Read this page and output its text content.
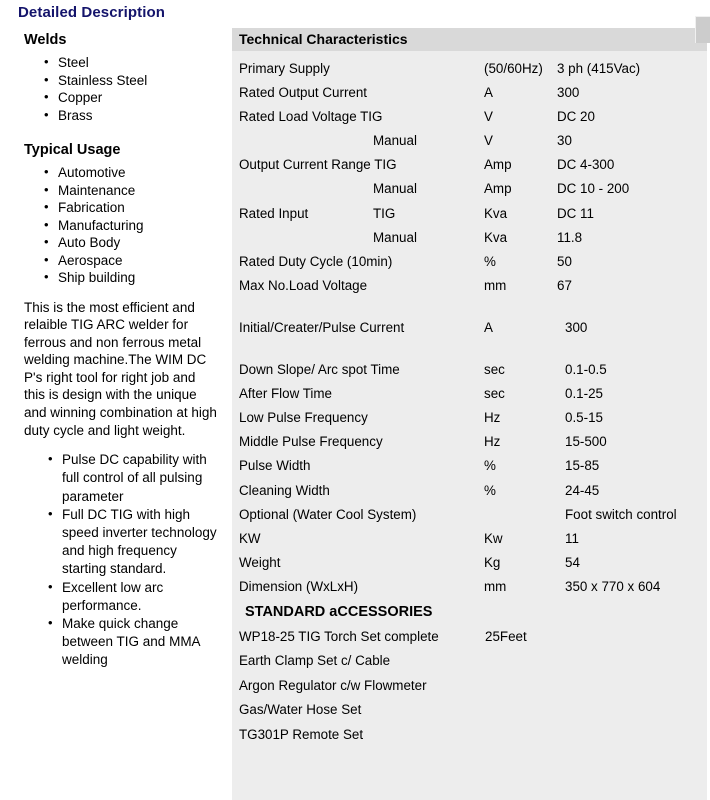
Detailed Description
Welds
• Steel
• Stainless Steel
• Copper
• Brass
Typical Usage
• Automotive
• Maintenance
• Fabrication
• Manufacturing
• Auto Body
• Aerospace
• Ship building
This is the most efficient and relaible TIG ARC welder for ferrous and non ferrous metal welding machine.The WIM DC P's right tool for right job and this is design with the unique and winning combination at high duty cycle and light weight.
• Pulse DC capability with full control of all pulsing parameter
• Full DC TIG with high speed inverter technology and high frequency starting standard.
• Excellent low arc performance.
• Make quick change between TIG and MMA welding
Technical Characteristics
Primary Supply	(50/60Hz) 3 ph (415Vac)
Rated Output Current	A	300
Rated Load Voltage TIG	V	DC 20
Manual	V	30
Output Current Range TIG	Amp	DC 4-300
Manual	Amp	DC 10 - 200
Rated Input	TIG	Kva	DC 11
Manual	Kva	11.8
Rated Duty Cycle (10min)	%	50
Max No.Load Voltage	mm	67
Initial/Creater/Pulse Current	A	300
Down Slope/ Arc spot Time	sec	0.1-0.5
After Flow Time	sec	0.1-25
Low Pulse Frequency	Hz	0.5-15
Middle Pulse Frequency	Hz	15-500
Pulse Width	%	15-85
Cleaning Width	%	24-45
Optional (Water Cool System)	Foot switch control
KW	Kw	11
Weight	Kg	54
Dimension (WxLxH)	mm	350 x 770 x 604
STANDARD aCCESSORIES
WP18-25 TIG Torch Set complete	25Feet
Earth Clamp Set c/ Cable
Argon Regulator c/w Flowmeter
Gas/Water Hose Set
TG301P Remote Set
